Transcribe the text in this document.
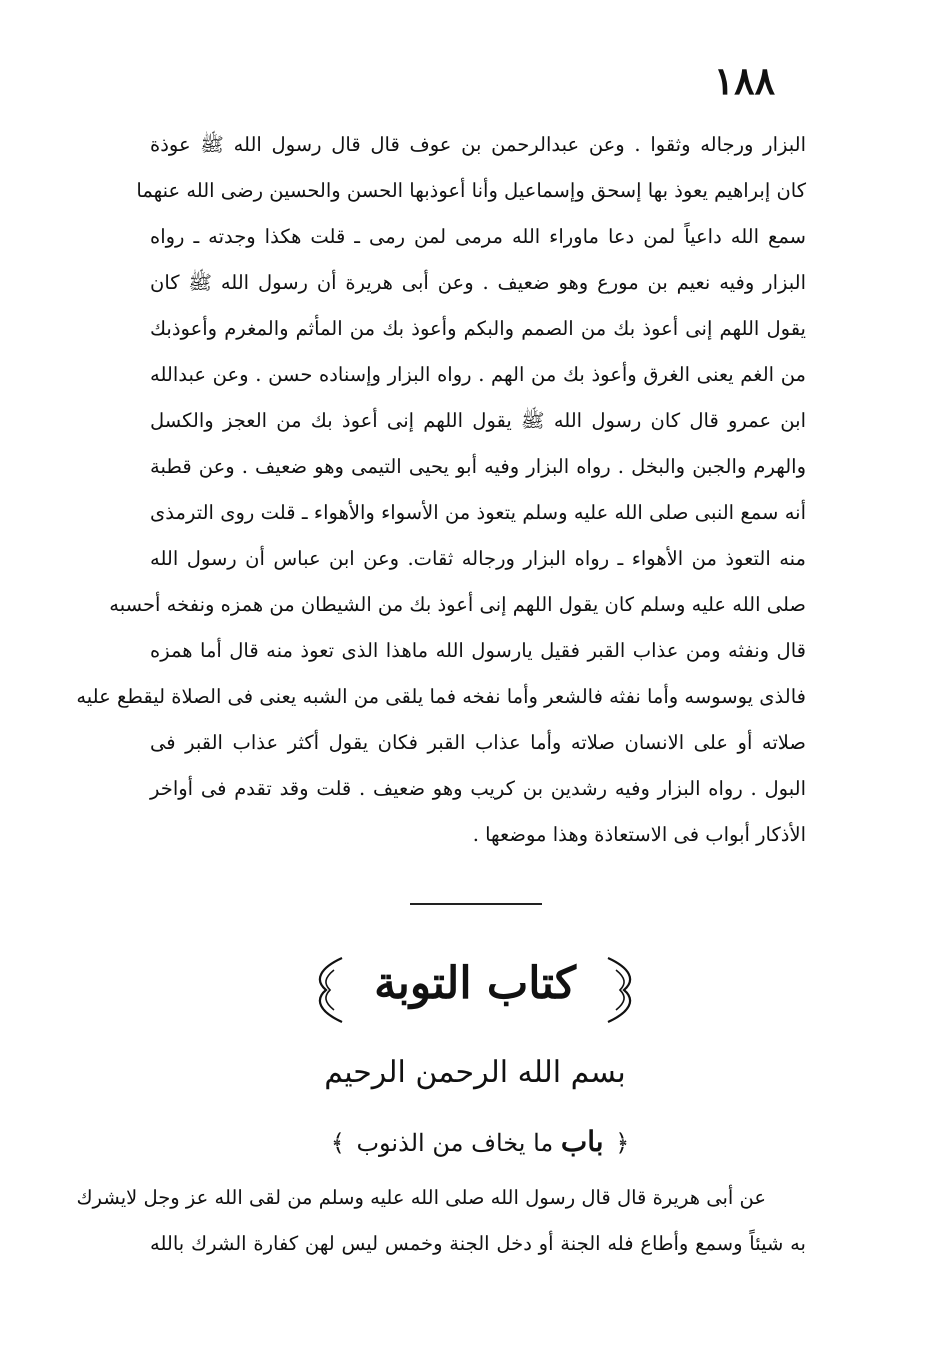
١٨٨
البزار ورجاله وثقوا . وعن عبدالرحمن بن عوف قال قال رسول الله ﷺ عوذة
كان إبراهيم يعوذ بها إسحق وإسماعيل وأنا أعوذبها الحسن والحسين رضى الله عنهما
سمع الله داعياً لمن دعا ماوراء الله مرمى لمن رمى ـ قلت هكذا وجدته ـ رواه
البزار وفيه نعيم بن مورع وهو ضعيف . وعن أبى هريرة أن رسول الله ﷺ كان
يقول اللهم إنى أعوذ بك من الصمم والبكم وأعوذ بك من المأثم والمغرم وأعوذبك
من الغم يعنى الغرق وأعوذ بك من الهم . رواه البزار وإسناده حسن . وعن عبدالله
ابن عمرو قال كان رسول الله ﷺ يقول اللهم إنى أعوذ بك من العجز والكسل
والهرم والجبن والبخل . رواه البزار وفيه أبو يحيى التيمى وهو ضعيف . وعن قطبة
أنه سمع النبى صلى الله عليه وسلم يتعوذ من الأسواء والأهواء ـ قلت روى الترمذى
منه التعوذ من الأهواء ـ رواه البزار ورجاله ثقات. وعن ابن عباس أن رسول الله
صلى الله عليه وسلم كان يقول اللهم إنى أعوذ بك من الشيطان من همزه ونفخه أحسبه
قال ونفثه ومن عذاب القبر فقيل يارسول الله ماهذا الذى تعوذ منه قال أما همزه
فالذى يوسوسه وأما نفثه فالشعر وأما نفخه فما يلقى من الشبه يعنى فى الصلاة ليقطع عليه
صلاته أو على الانسان صلاته وأما عذاب القبر فكان يقول أكثر عذاب القبر فى
البول . رواه البزار وفيه رشدين بن كريب وهو ضعيف . قلت وقد تقدم فى أواخر
الأذكار أبواب فى الاستعاذة وهذا موضعها .
كتاب التوبة
بسم الله الرحمن الرحيم
﴿ باب ما يخاف من الذنوب ﴾
عن أبى هريرة قال قال رسول الله صلى الله عليه وسلم من لقى الله عز وجل لايشرك
به شيئاً وسمع وأطاع فله الجنة أو دخل الجنة وخمس ليس لهن كفارة الشرك بالله
